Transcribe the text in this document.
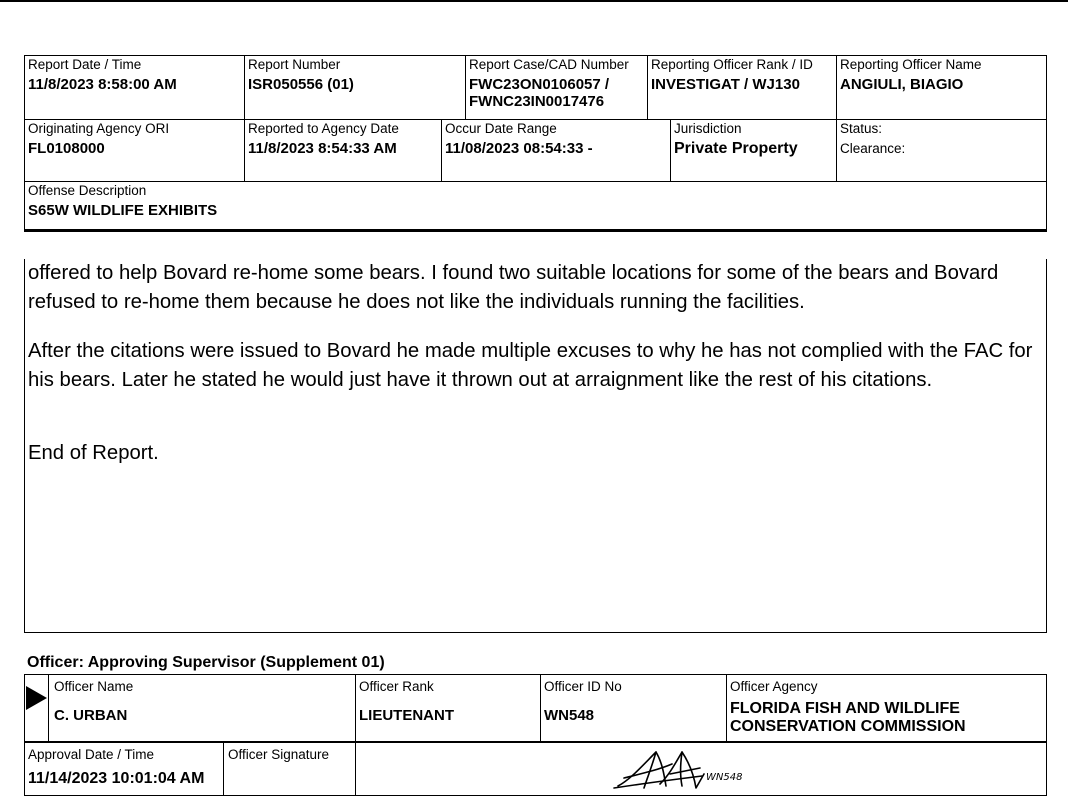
Report Date / Time
11/8/2023 8:58:00 AM
Report Number
ISR050556 (01)
Report Case/CAD Number
FWC23ON0106057 /
FWNC23IN0017476
Reporting Officer Rank / ID
INVESTIGAT / WJ130
Reporting Officer Name
ANGIULI, BIAGIO
Originating Agency ORI
FL0108000
Reported to Agency Date
11/8/2023 8:54:33 AM
Occur Date Range
11/08/2023 08:54:33 -
Jurisdiction
Private Property
Status:
Clearance:
Offense Description
S65W WILDLIFE EXHIBITS

offered to help Bovard re-home some bears. I found two suitable locations for some of the bears and Bovard refused to re-home them because he does not like the individuals running the facilities.

After the citations were issued to Bovard he made multiple excuses to why he has not complied with the FAC for his bears. Later he stated he would just have it thrown out at arraignment like the rest of his citations.

End of Report.

Officer: Approving Supervisor (Supplement 01)
Officer Name
C. URBAN
Officer Rank
LIEUTENANT
Officer ID No
WN548
Officer Agency
FLORIDA FISH AND WILDLIFE
CONSERVATION COMMISSION
Approval Date / Time
11/14/2023 10:01:04 AM
Officer Signature
WN548
